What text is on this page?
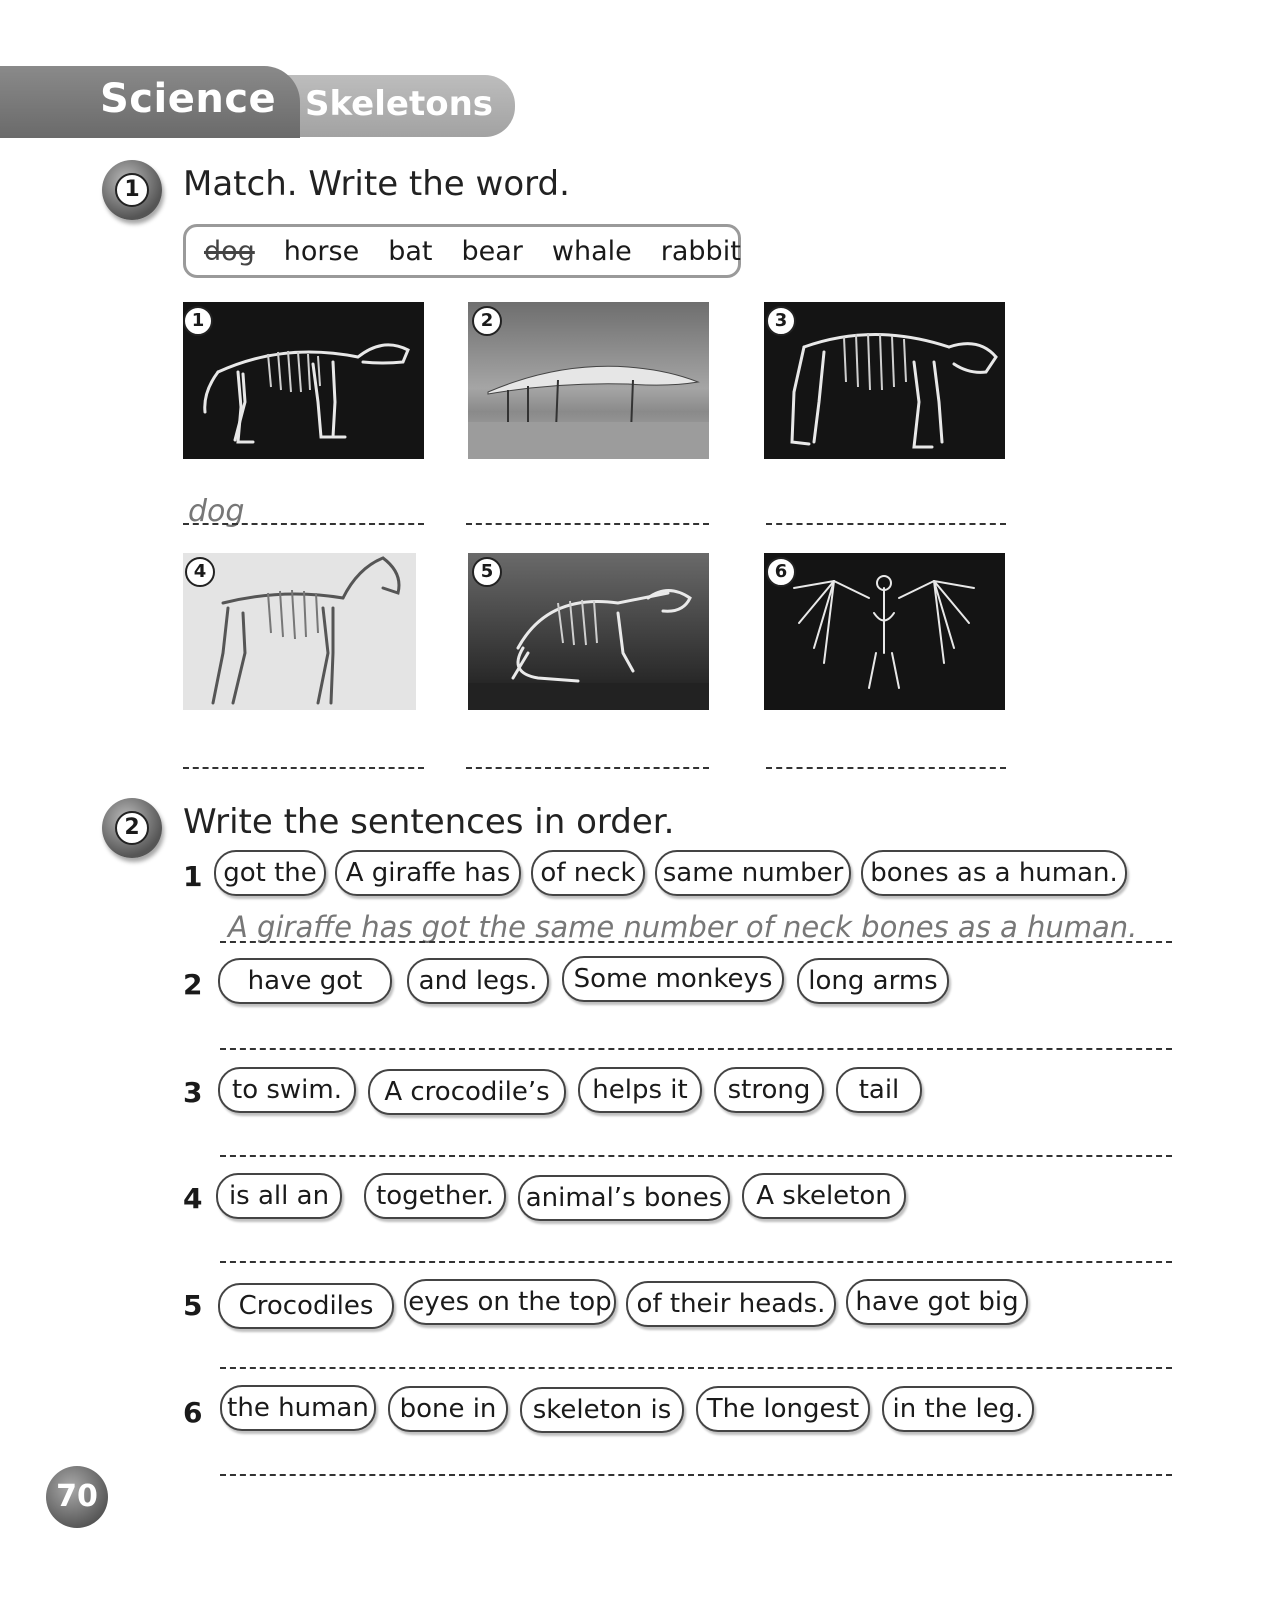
Science Skeletons
1 Match. Write the word.
dog horse bat bear whale rabbit
1	2	3
dog
4	5	6
2 Write the sentences in order.
1 got the	A giraffe has	of neck	same number	bones as a human.
A giraffe has got the same number of neck bones as a human.
2	have got	and legs.	Some monkeys	long arms
3	to swim.	A crocodile’s	helps it	strong	tail
4	is all an	together.	animal’s bones	A skeleton
5	Crocodiles	eyes on the top of their heads.	have got big
6 the human	bone in	skeleton is	The longest	in the leg.
70
